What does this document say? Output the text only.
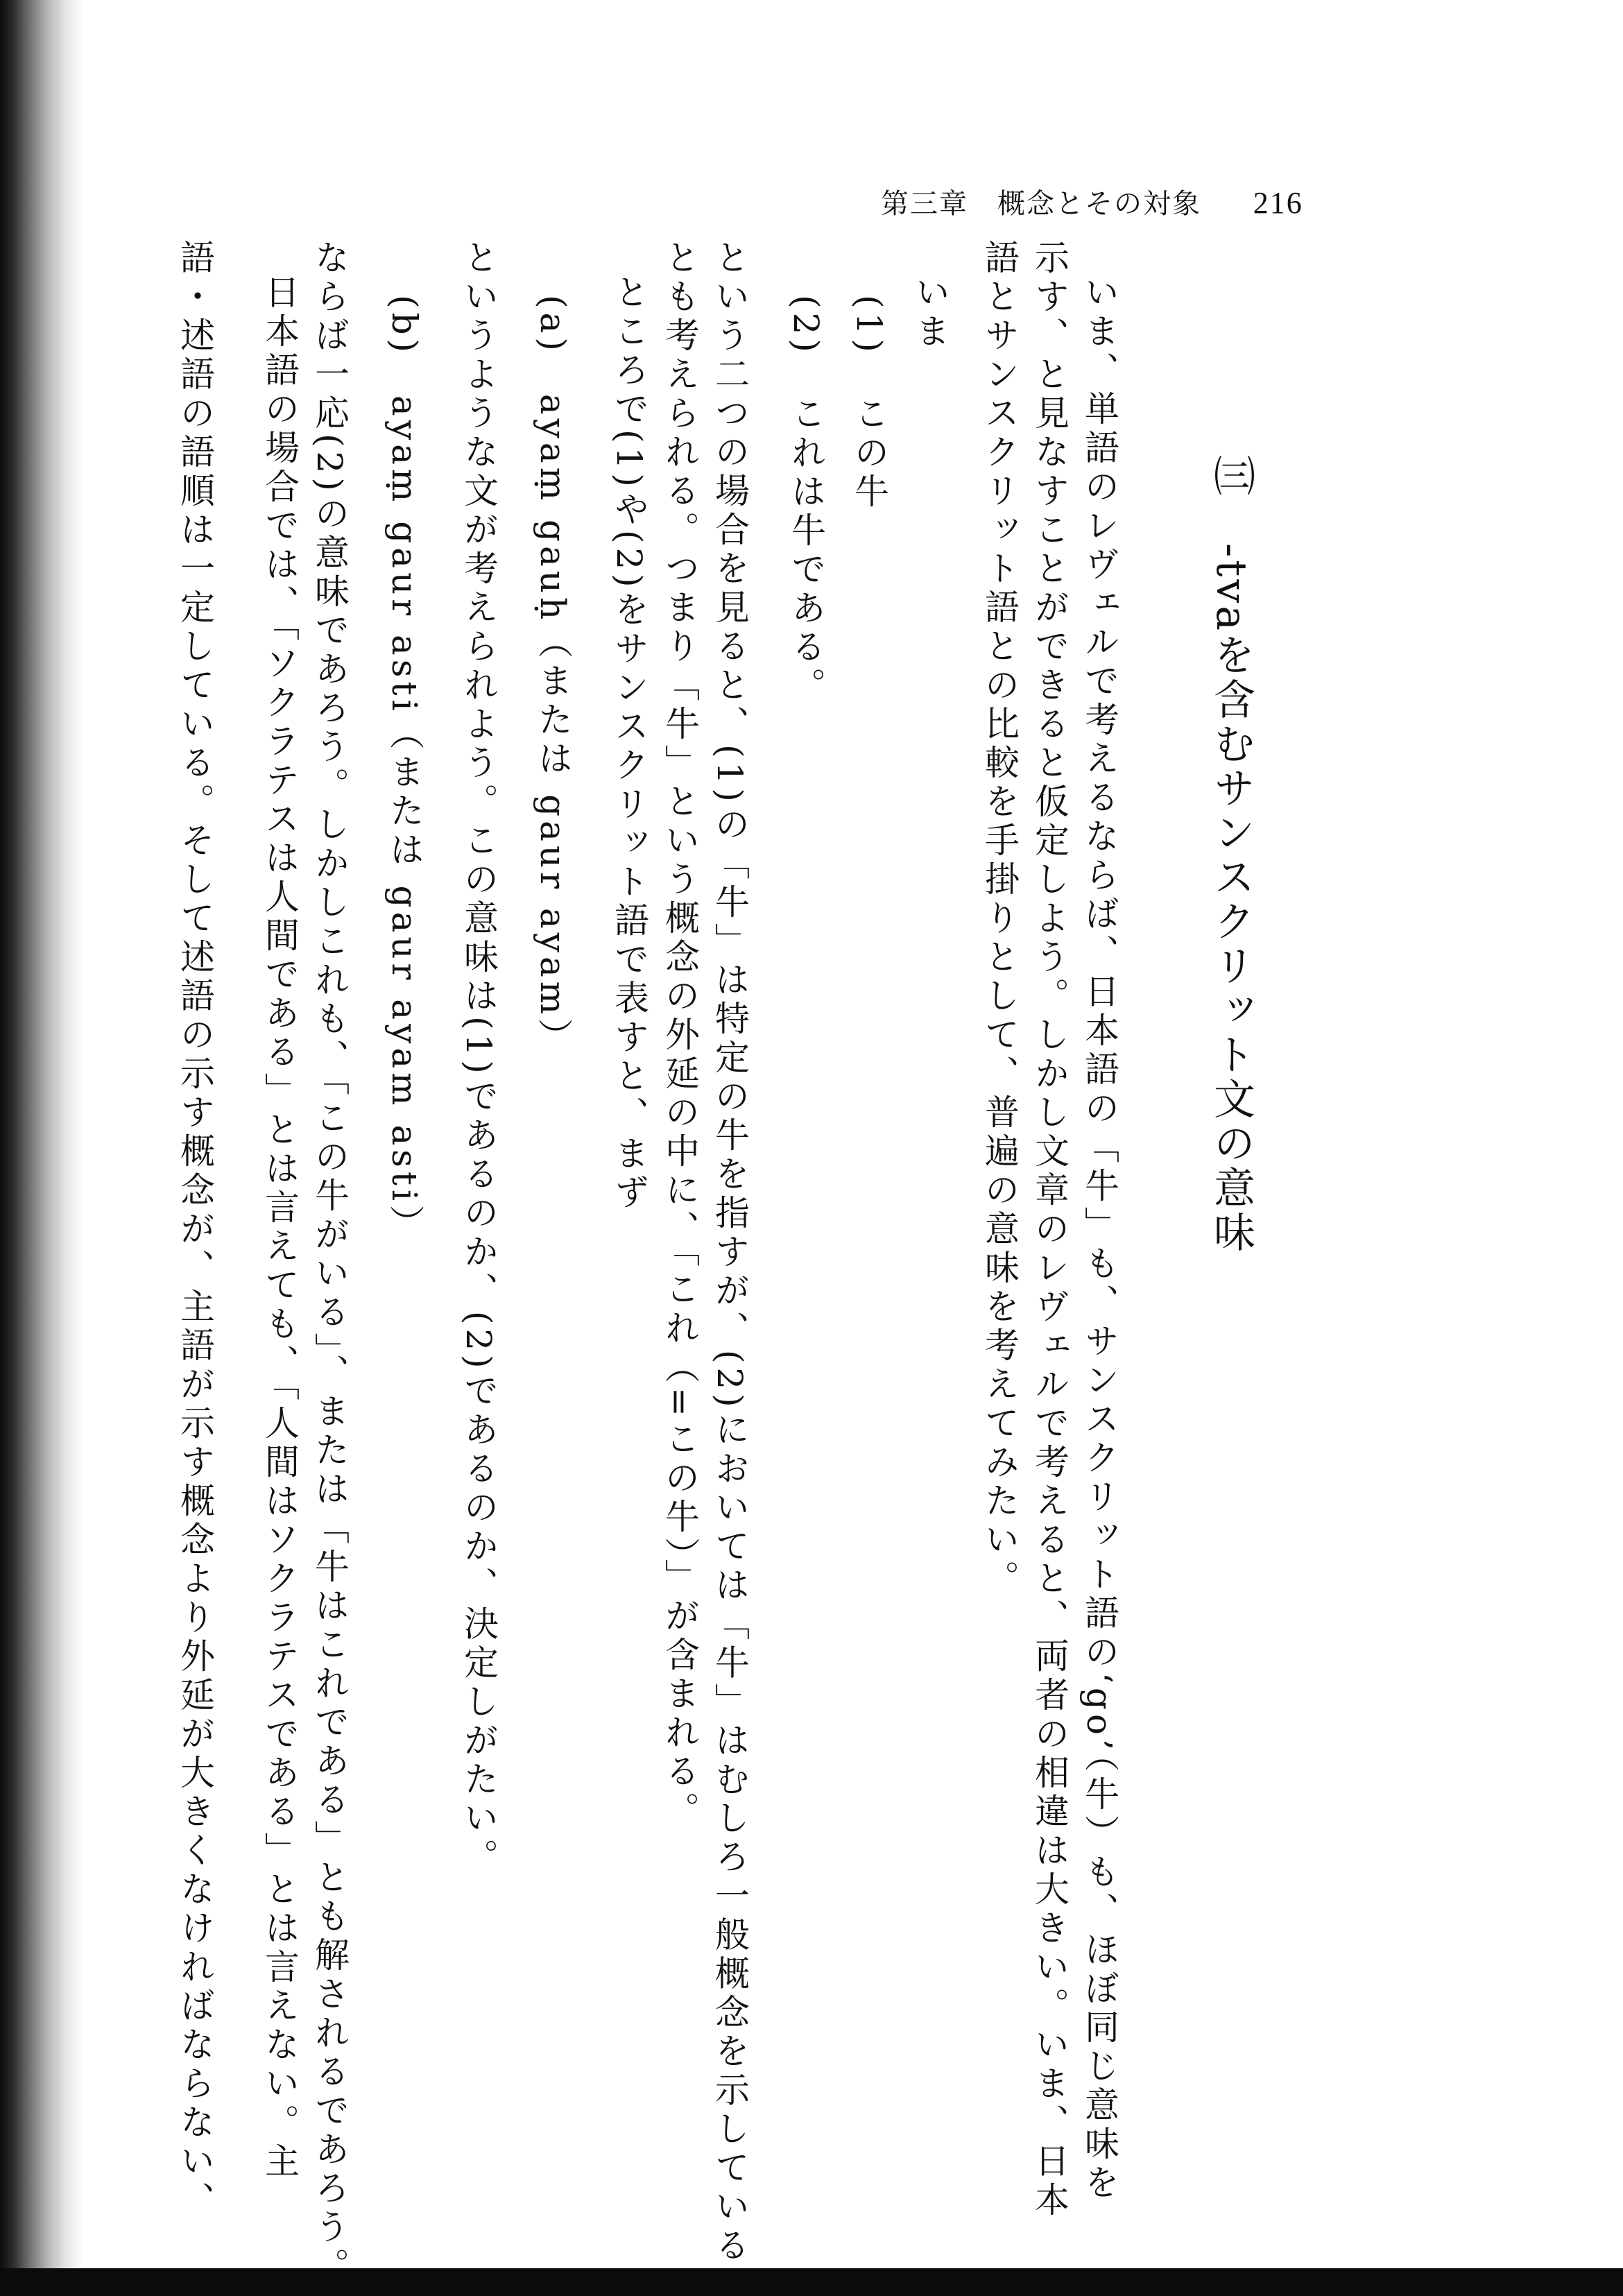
第三章　概念とその対象 216
㈢　-tvaを含むサンスクリット文の意味
いま、単語のレヴェルで考えるならば、日本語の「牛」も、サンスクリット語の‘go’（牛）も、ほぼ同じ意味を
示す、と見なすことができると仮定しよう。しかし文章のレヴェルで考えると、両者の相違は大きい。いま、日本
語とサンスクリット語との比較を手掛りとして、普遍の意味を考えてみたい。
いま
(1)　この牛
(2)　これは牛である。
という二つの場合を見ると、(1)の「牛」は特定の牛を指すが、(2)においては「牛」はむしろ一般概念を示している
とも考えられる。つまり「牛」という概念の外延の中に、「これ（=この牛）」が含まれる。
ところで(1)や(2)をサンスクリット語で表すと、まず
(a)　ayaṃ gauḥ（または gaur ayam）
というような文が考えられよう。この意味は(1)であるのか、(2)であるのか、決定しがたい。
(b)　ayaṃ gaur asti（または gaur ayam asti）
ならば一応(2)の意味であろう。しかしこれも、「この牛がいる」、または「牛はこれである」とも解されるであろう。
日本語の場合では、「ソクラテスは人間である」とは言えても、「人間はソクラテスである」とは言えない。主
語・述語の語順は一定している。そして述語の示す概念が、主語が示す概念より外延が大きくなければならない、
